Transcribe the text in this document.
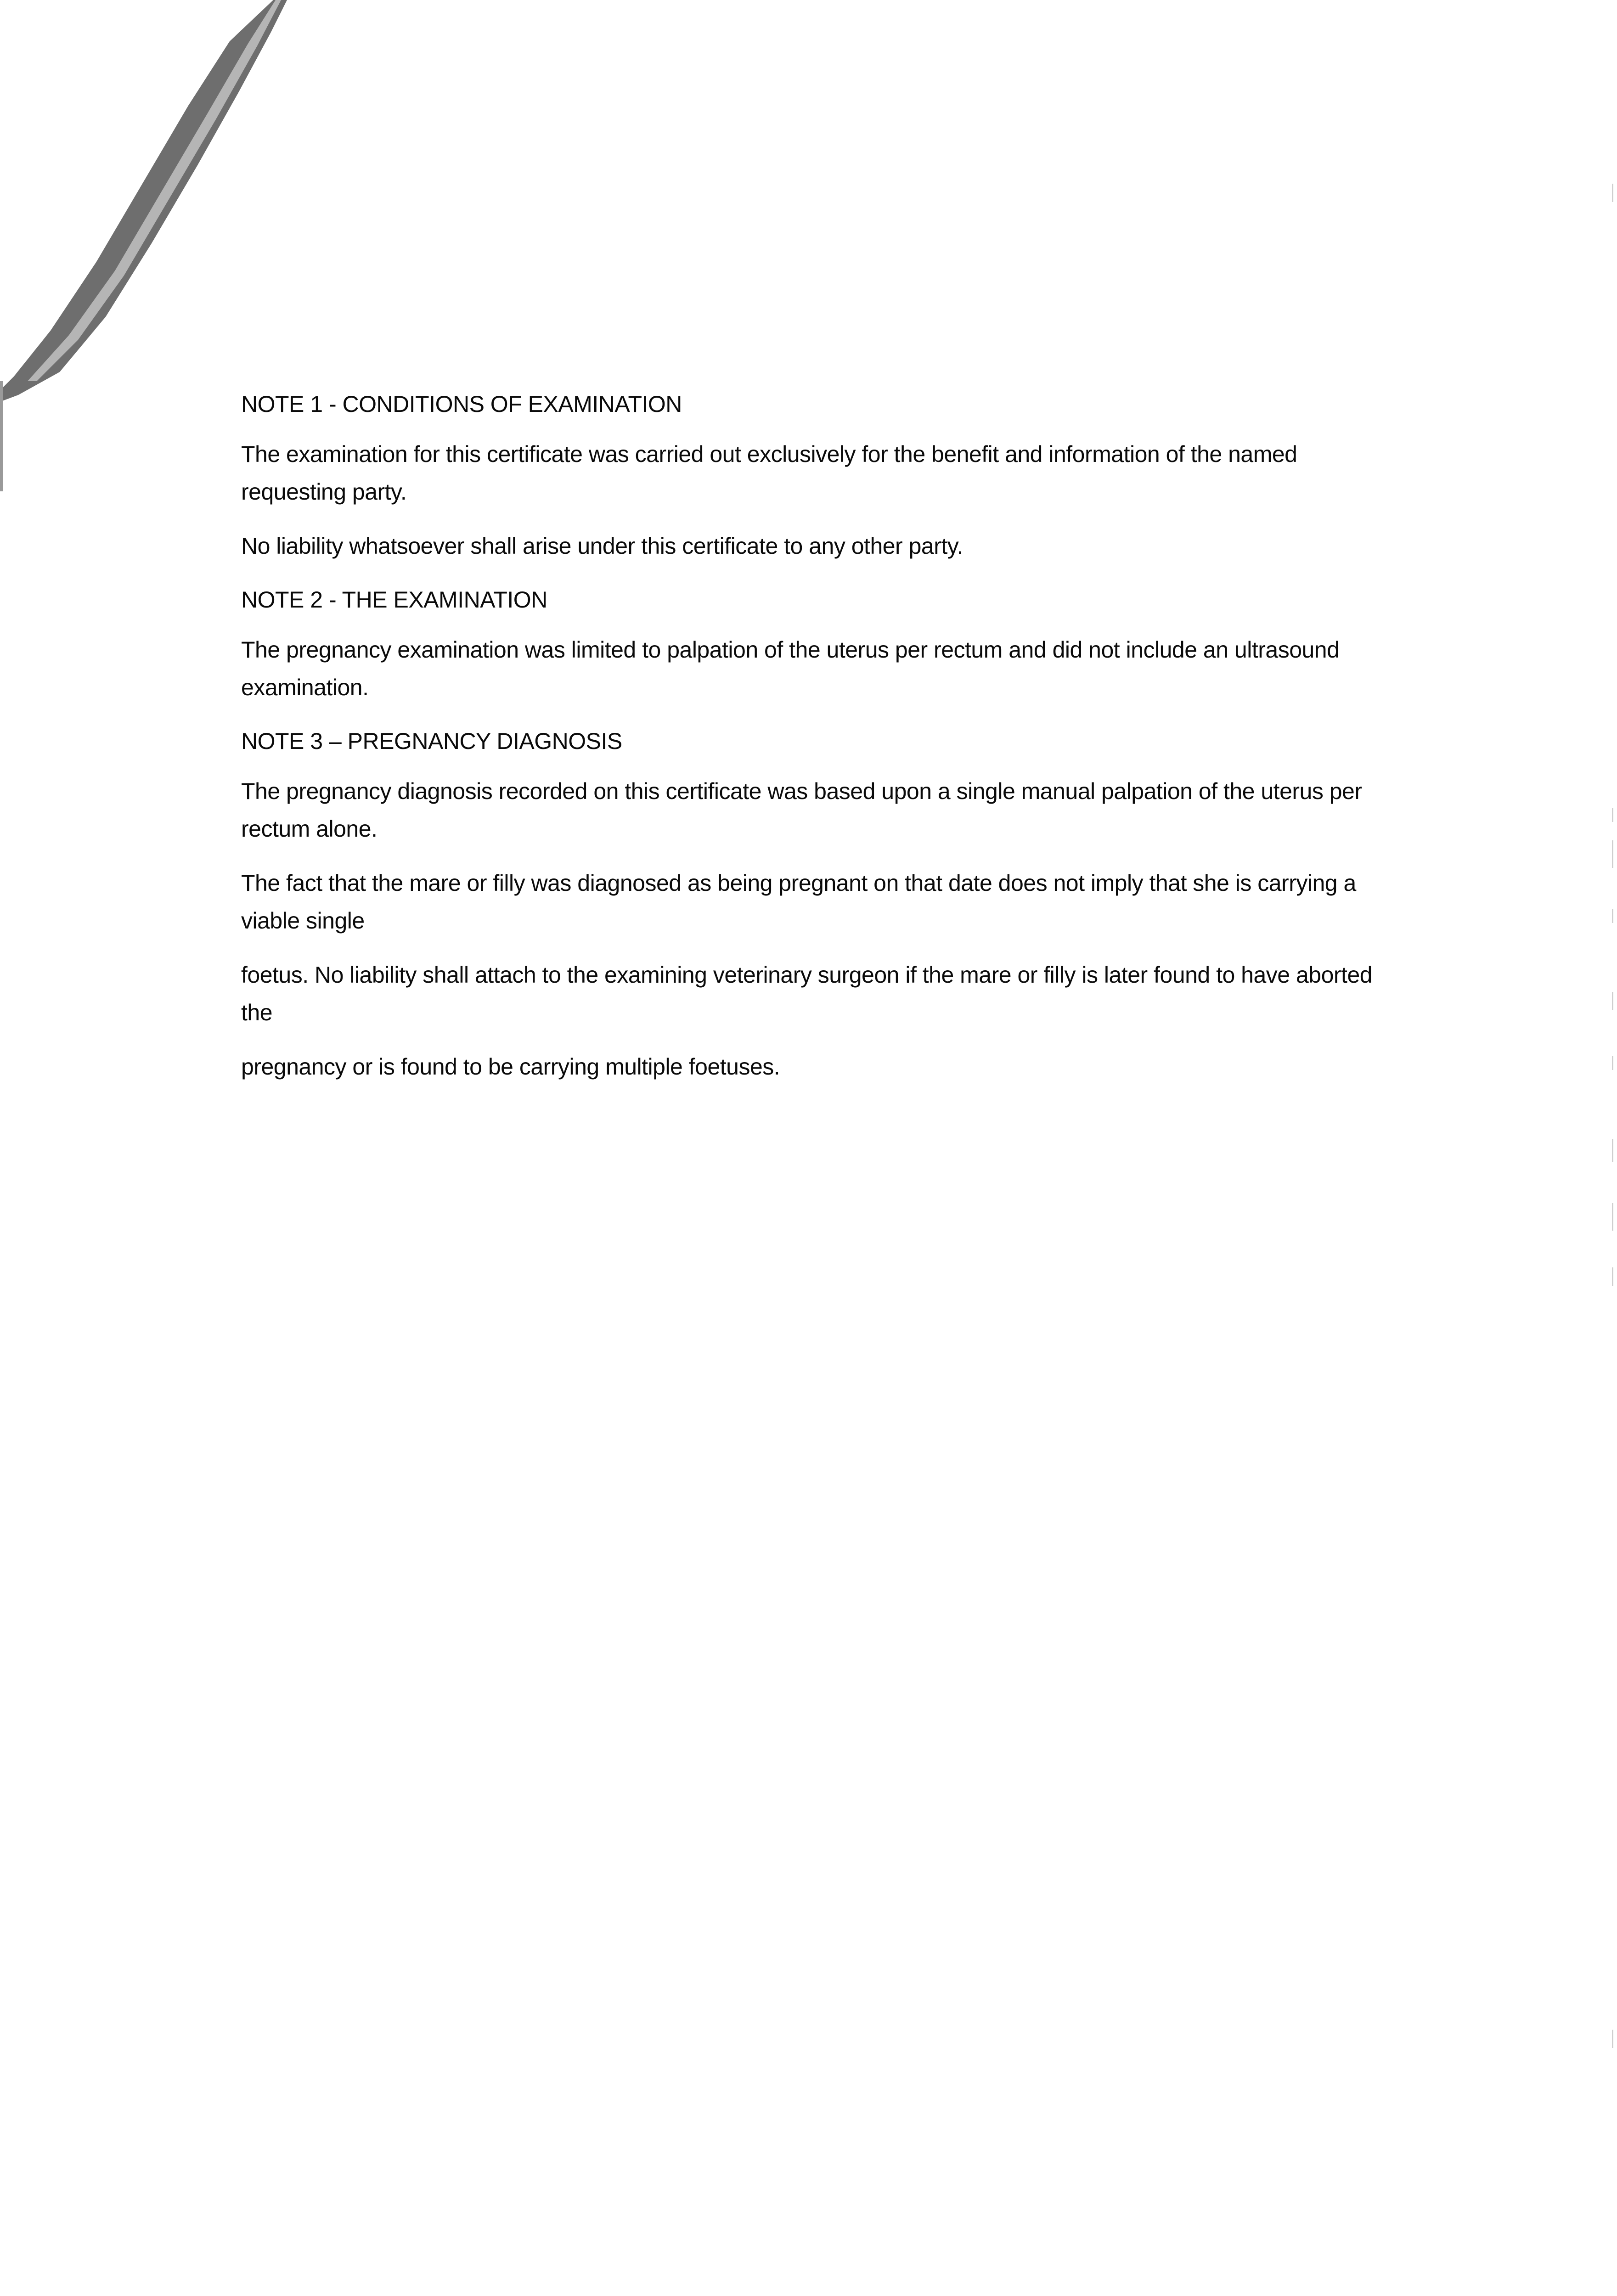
NOTE 1 - CONDITIONS OF EXAMINATION

The examination for this certificate was carried out exclusively for the benefit and information of the named requesting party.

No liability whatsoever shall arise under this certificate to any other party.

NOTE 2 - THE EXAMINATION

The pregnancy examination was limited to palpation of the uterus per rectum and did not include an ultrasound examination.

NOTE 3 – PREGNANCY DIAGNOSIS

The pregnancy diagnosis recorded on this certificate was based upon a single manual palpation of the uterus per rectum alone.

The fact that the mare or filly was diagnosed as being pregnant on that date does not imply that she is carrying a viable single

foetus. No liability shall attach to the examining veterinary surgeon if the mare or filly is later found to have aborted the

pregnancy or is found to be carrying multiple foetuses.
